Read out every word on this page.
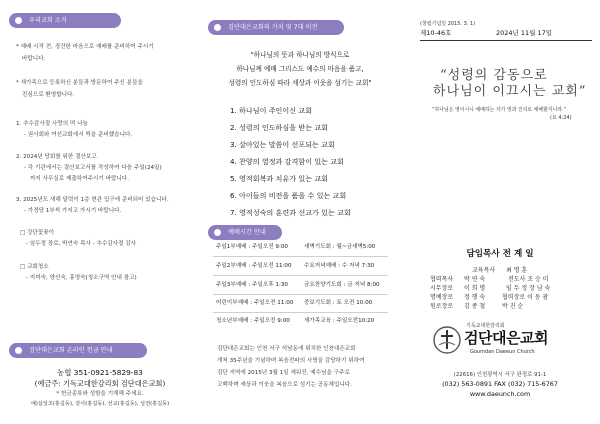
우리교회 소식
* 예배 시작 전, 경건한 마음으로 예배를 준비하여 주시기
바랍니다.
* 새가족으로 등록하신 분들과 방문하여 주신 분들을
진심으로 환영합니다.
1. 추수감사절 사랑의 떡 나눔
- 권사회와 여선교회에서 떡을 준비했습니다.
2. 2024년 당회를 위한 결산보고
- 각 기관에서는 결산보고서를 작성하여 다음 주일(24일)
까지 사무실로 제출하여주시기 바랍니다.
3. 2025년도 새해 달력이 1층 현관 입구에 준비되어 있습니다.
- 가정당 1부씩 가지고 가시기 바랍니다.
□ 강단꽃꽂이
- 임두정 장로, 박연숙 목사 - 추수감사절 감사
□ 교회청소
- 지미숙, 양선숙, 홍영숙(청소구역 안내 참고)
검단대은교회 온라인 헌금 안내
농협 351-0921-5829-83
(예금주: 기독교대한감리회 검단대은교회)
* 헌금종류와 성함을 기재해 주세요.
예)십일조(홍길동), 감사(홍길동), 선교(홍길동), 성전(홍길동)
검단대은교회의 가치 및 7대 비전
"하나님의 뜻과 하나님의 방식으로
하나님께 예배 그리스도 예수의 마음을 품고,
성령의 인도하심 따라 세상과 이웃을 섬기는 교회"
1. 하나님이 주인이신 교회
2. 성령의 인도하심을 받는 교회
3. 살아있는 말씀이 선포되는 교회
4. 찬양의 열정과 감격함이 있는 교회
5. 영적회복과 치유가 있는 교회
6. 아이들의 비전을 품을 수 있는 교회
7. 영적성숙의 훈련과 선교가 있는 교회
예배시간 안내
주일1부예배 : 주일오전 9:00	새벽기도회 : 월~금새벽5:00
주일2부예배 : 주일오전 11:00 수요저녁예배 : 수 저녁 7:30
주일3부예배 : 주일오후 1:30	금요찬양기도회 : 금 저녁 8:00
어린이부예배 : 주일오전 11:00 중보기도회 : 토 오전 10:00
청소년부예배 : 주일오전 9:00	새가족교육 : 주일오전10:20
검단대은교회는 인천 서구 석남동에 위치한 인천대은교회
개척 35주년을 기념하며 복음전파의 사명을 감당하기 위하여
검단 지역에 2015년 3월 1일 세워진, 예수님을 구주로
고백하며 세상과 이웃을 복음으로 섬기는 공동체입니다.
(창립기념일 2015. 3. 1)
제10-46호	2024년 11월 17일
“성령의 감동으로
하나님이 이끄시는 교회”
“하나님은 영이시니 예배하는 자가 영과 진리로 예배할지니라.”
(요 4:24)
담임목사 전 계 일
교육목사 최 명 훈
협력목사 박 연 숙	전도사 조 승 미
시무장로 이 희 명	임 두 정 장 남 숙
명예장로 정 행 숙	협력장로 이 동 광
원로장로 김 종 철	박 진 순
기독교대한감리회
검단대은교회
Goumdan Daeeun Church
(22616) 인천광역시 서구 완정로 91-1
(032) 563-0891 FAX (032) 715-6767
www.daeunch.com
